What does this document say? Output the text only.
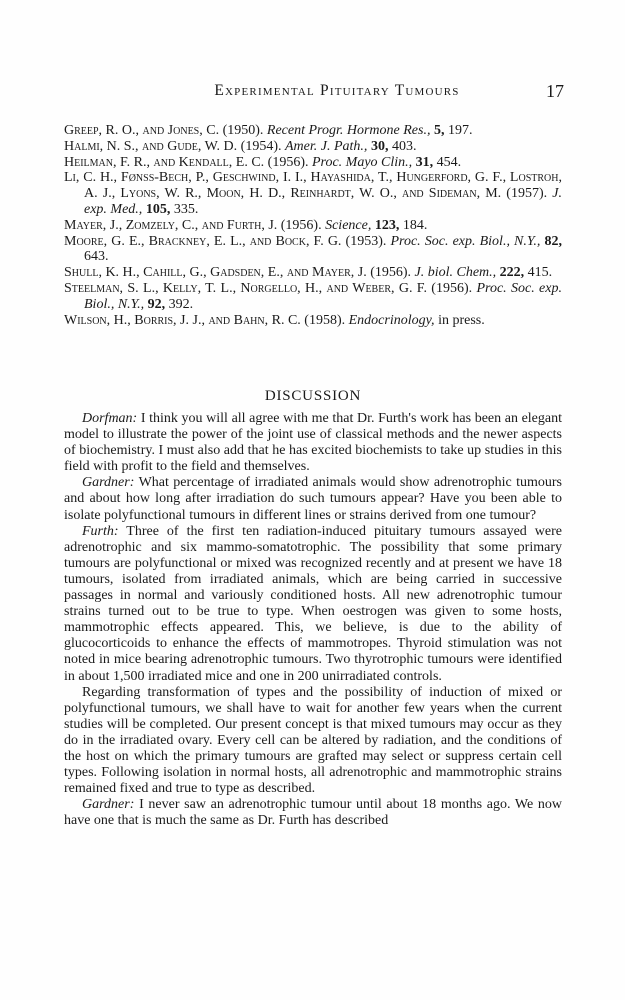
Experimental Pituitary Tumours	17

Greep, R. O., and Jones, C. (1950). Recent Progr. Hormone Res., 5, 197.

Halmi, N. S., and Gude, W. D. (1954). Amer. J. Path., 30, 403.

Heilman, F. R., and Kendall, E. C. (1956). Proc. Mayo Clin., 31, 454.

Li, C. H., Fønss-Bech, P., Geschwind, I. I., Hayashida, T., Hungerford, G. F., Lostroh, A. J., Lyons, W. R., Moon, H. D., Reinhardt, W. O., and Sideman, M. (1957). J. exp. Med., 105, 335.

Mayer, J., Zomzely, C., and Furth, J. (1956). Science, 123, 184.

Moore, G. E., Brackney, E. L., and Bock, F. G. (1953). Proc. Soc. exp. Biol., N.Y., 82, 643.

Shull, K. H., Cahill, G., Gadsden, E., and Mayer, J. (1956). J. biol. Chem., 222, 415.

Steelman, S. L., Kelly, T. L., Norgello, H., and Weber, G. F. (1956). Proc. Soc. exp. Biol., N.Y., 92, 392.

Wilson, H., Borris, J. J., and Bahn, R. C. (1958). Endocrinology, in press.

DISCUSSION

Dorfman: I think you will all agree with me that Dr. Furth's work has been an elegant model to illustrate the power of the joint use of classical methods and the newer aspects of biochemistry. I must also add that he has excited biochemists to take up studies in this field with profit to the field and themselves.

Gardner: What percentage of irradiated animals would show adrenotrophic tumours and about how long after irradiation do such tumours appear? Have you been able to isolate polyfunctional tumours in different lines or strains derived from one tumour?

Furth: Three of the first ten radiation-induced pituitary tumours assayed were adrenotrophic and six mammo-somatotrophic. The possibility that some primary tumours are polyfunctional or mixed was recognized recently and at present we have 18 tumours, isolated from irradiated animals, which are being carried in successive passages in normal and variously conditioned hosts. All new adrenotrophic tumour strains turned out to be true to type. When oestrogen was given to some hosts, mammotrophic effects appeared. This, we believe, is due to the ability of glucocorticoids to enhance the effects of mammotropes. Thyroid stimulation was not noted in mice bearing adrenotrophic tumours. Two thyrotrophic tumours were identified in about 1,500 irradiated mice and one in 200 unirradiated controls.

Regarding transformation of types and the possibility of induction of mixed or polyfunctional tumours, we shall have to wait for another few years when the current studies will be completed. Our present concept is that mixed tumours may occur as they do in the irradiated ovary. Every cell can be altered by radiation, and the conditions of the host on which the primary tumours are grafted may select or suppress certain cell types. Following isolation in normal hosts, all adrenotrophic and mammotrophic strains remained fixed and true to type as described.

Gardner: I never saw an adrenotrophic tumour until about 18 months ago. We now have one that is much the same as Dr. Furth has described
